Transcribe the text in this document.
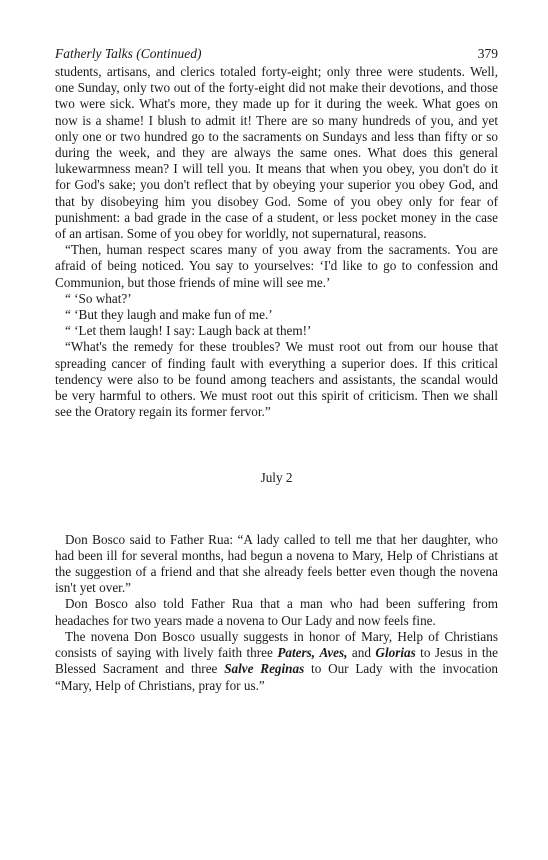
Fatherly Talks (Continued)	379

students, artisans, and clerics totaled forty-eight; only three were students. Well, one Sunday, only two out of the forty-eight did not make their devotions, and those two were sick. What's more, they made up for it during the week. What goes on now is a shame! I blush to admit it! There are so many hundreds of you, and yet only one or two hundred go to the sacraments on Sundays and less than fifty or so during the week, and they are always the same ones. What does this general lukewarmness mean? I will tell you. It means that when you obey, you don't do it for God's sake; you don't reflect that by obeying your superior you obey God, and that by disobeying him you disobey God. Some of you obey only for fear of punishment: a bad grade in the case of a student, or less pocket money in the case of an artisan. Some of you obey for worldly, not supernatural, reasons.

“Then, human respect scares many of you away from the sacraments. You are afraid of being noticed. You say to yourselves: ‘I'd like to go to confession and Communion, but those friends of mine will see me.’

“ ‘So what?’

“ ‘But they laugh and make fun of me.’

“ ‘Let them laugh! I say: Laugh back at them!’

“What's the remedy for these troubles? We must root out from our house that spreading cancer of finding fault with everything a superior does. If this critical tendency were also to be found among teachers and assistants, the scandal would be very harmful to others. We must root out this spirit of criticism. Then we shall see the Oratory regain its former fervor.”

July 2

Don Bosco said to Father Rua: “A lady called to tell me that her daughter, who had been ill for several months, had begun a novena to Mary, Help of Christians at the suggestion of a friend and that she already feels better even though the novena isn't yet over.”

Don Bosco also told Father Rua that a man who had been suffering from headaches for two years made a novena to Our Lady and now feels fine.

The novena Don Bosco usually suggests in honor of Mary, Help of Christians consists of saying with lively faith three Paters, Aves, and Glorias to Jesus in the Blessed Sacrament and three Salve Reginas to Our Lady with the invocation “Mary, Help of Christians, pray for us.”
